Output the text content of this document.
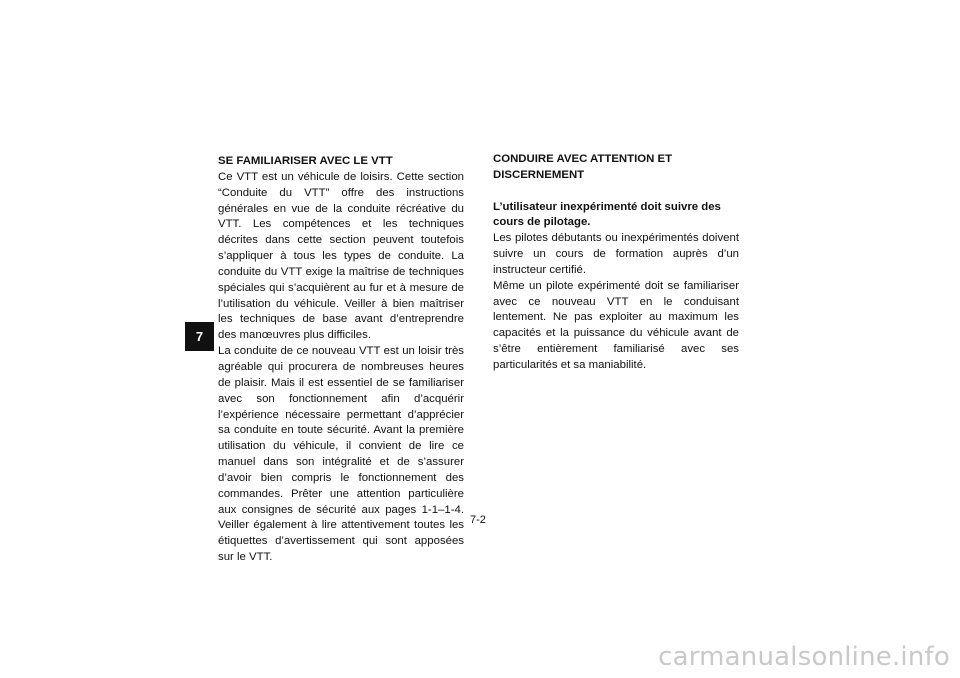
7

SE FAMILIARISER AVEC LE VTT

Ce VTT est un véhicule de loisirs. Cette section “Conduite du VTT” offre des instructions générales en vue de la conduite récréative du VTT. Les compétences et les techniques décrites dans cette section peuvent toutefois s’appliquer à tous les types de conduite. La conduite du VTT exige la maîtrise de techniques spéciales qui s’acquièrent au fur et à mesure de l’utilisation du véhicule. Veiller à bien maîtriser les techniques de base avant d’entreprendre des manœuvres plus difficiles.

La conduite de ce nouveau VTT est un loisir très agréable qui procurera de nombreuses heures de plaisir. Mais il est essentiel de se familiariser avec son fonctionnement afin d’acquérir l’expérience nécessaire permettant d’apprécier sa conduite en toute sécurité. Avant la première utilisation du véhicule, il convient de lire ce manuel dans son intégralité et de s’assurer d’avoir bien compris le fonctionnement des commandes. Prêter une attention particulière aux consignes de sécurité aux pages 1-1–1-4. Veiller également à lire attentivement toutes les étiquettes d’avertissement qui sont apposées sur le VTT.

CONDUIRE AVEC ATTENTION ET DISCERNEMENT

L’utilisateur inexpérimenté doit suivre des cours de pilotage.

Les pilotes débutants ou inexpérimentés doivent suivre un cours de formation auprès d’un instructeur certifié.

Même un pilote expérimenté doit se familiariser avec ce nouveau VTT en le conduisant lentement. Ne pas exploiter au maximum les capacités et la puissance du véhicule avant de s’être entièrement familiarisé avec ses particularités et sa maniabilité.

7-2
carmanualsonline.info
